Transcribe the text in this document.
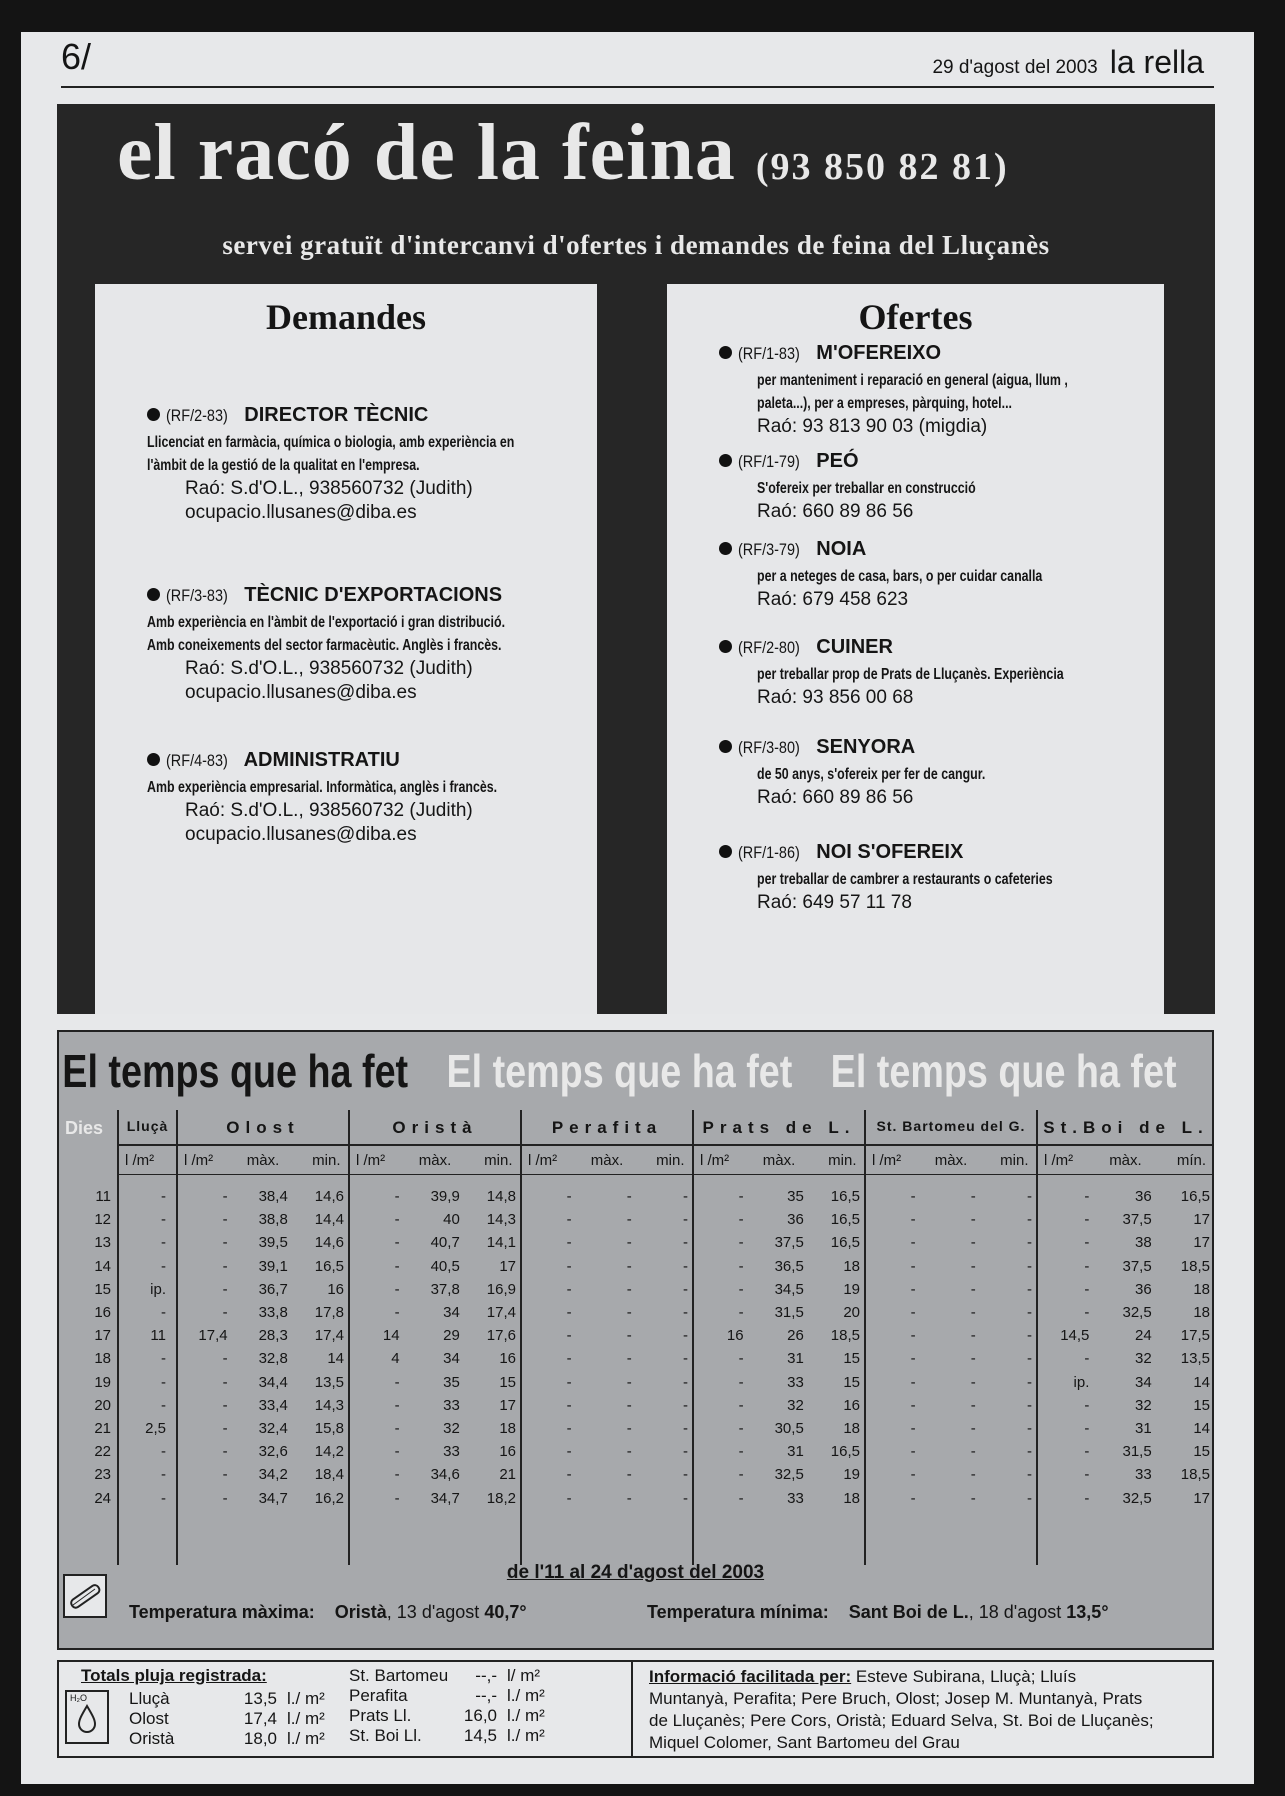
6/	29 d'agost del 2003 la rella
el racó de la feina (93 850 82 81)
servei gratuït d'intercanvi d'ofertes i demandes de feina del Lluçanès
Demandes
(RF/2-83) DIRECTOR TÈCNIC
Llicenciat en farmàcia, química o biologia, amb experiència en
l'àmbit de la gestió de la qualitat en l'empresa.
Raó: S.d'O.L., 938560732 (Judith)
ocupacio.llusanes@diba.es
(RF/3-83) TÈCNIC D'EXPORTACIONS
Amb experiència en l'àmbit de l'exportació i gran distribució.
Amb coneixements del sector farmacèutic. Anglès i francès.
Raó: S.d'O.L., 938560732 (Judith)
ocupacio.llusanes@diba.es
(RF/4-83) ADMINISTRATIU
Amb experiència empresarial. Informàtica, anglès i francès.
Raó: S.d'O.L., 938560732 (Judith)
ocupacio.llusanes@diba.es
Ofertes
(RF/1-83) M'OFEREIXO
per manteniment i reparació en general (aigua, llum ,
paleta...), per a empreses, pàrquing, hotel...
Raó: 93 813 90 03 (migdia)
(RF/1-79) PEÓ
S'ofereix per treballar en construcció
Raó: 660 89 86 56
(RF/3-79) NOIA
per a neteges de casa, bars, o per cuidar canalla
Raó: 679 458 623
(RF/2-80) CUINER
per treballar prop de Prats de Lluçanès. Experiència
Raó: 93 856 00 68
(RF/3-80) SENYORA
de 50 anys, s'ofereix per fer de cangur.
Raó: 660 89 86 56
(RF/1-86) NOI S'OFEREIX
per treballar de cambrer a restaurants o cafeteries
Raó: 649 57 11 78
El temps que ha fet El temps que ha fet El temps que ha fet
Dies	Lluçà
l /m²
Olost
l /m² màx. min.
Oristà
l /m² màx. min.
Perafita
l /m² màx. min.
Prats de L.
l /m² màx. min.
St. Bartomeu del G.
l /m² màx. min.
St.Boi de L.
l /m² màx. mín.
11	-	-	38,4	14,6	-	39,9	14,8	-	-	-	-	35	16,5	-	-	-	-	36	16,5
12	-	-	38,8	14,4	-	40	14,3	-	-	-	-	36	16,5	-	-	-	-	37,5	17
13	-	-	39,5	14,6	-	40,7	14,1	-	-	-	-	37,5	16,5	-	-	-	-	38	17
14	-	-	39,1	16,5	-	40,5	17	-	-	-	-	36,5	18	-	-	-	-	37,5	18,5
15	ip.	-	36,7	16	-	37,8	16,9	-	-	-	-	34,5	19	-	-	-	-	36	18
16	-	-	33,8	17,8	-	34	17,4	-	-	-	-	31,5	20	-	-	-	-	32,5	18
17	11	17,4	28,3	17,4	14	29	17,6	-	-	-	16	26	18,5	-	-	-	14,5	24	17,5
18	-	-	32,8	14	4	34	16	-	-	-	-	31	15	-	-	-	-	32	13,5
19	-	-	34,4	13,5	-	35	15	-	-	-	-	33	15	-	-	-	ip.	34	14
20	-	-	33,4	14,3	-	33	17	-	-	-	-	32	16	-	-	-	-	32	15
21	2,5	-	32,4	15,8	-	32	18	-	-	-	-	30,5	18	-	-	-	-	31	14
22	-	-	32,6	14,2	-	33	16	-	-	-	-	31	16,5	-	-	-	-	31,5	15
23	-	-	34,2	18,4	-	34,6	21	-	-	-	-	32,5	19	-	-	-	-	33	18,5
24	-	-	34,7	16,2	-	34,7	18,2	-	-	-	-	33	18	-	-	-	-	32,5	17
de l'11 al 24 d'agost del 2003
Temperatura màxima: Oristà, 13 d'agost 40,7°	Temperatura mínima: Sant Boi de L., 18 d'agost 13,5°
Totals pluja registrada:
H₂O Lluçà	13,5 l./ m²
Olost	17,4 l./ m²
Oristà	18,0 l./ m²
St. Bartomeu	--,- l/ m²
Perafita	--,- l./ m²
Prats Ll.	16,0 l./ m²
St. Boi Ll. 14,5 l./ m²
Informació facilitada per: Esteve Subirana, Lluçà; Lluís
Muntanyà, Perafita; Pere Bruch, Olost; Josep M. Muntanyà, Prats
de Lluçanès; Pere Cors, Oristà; Eduard Selva, St. Boi de Lluçanès;
Miquel Colomer, Sant Bartomeu del Grau
